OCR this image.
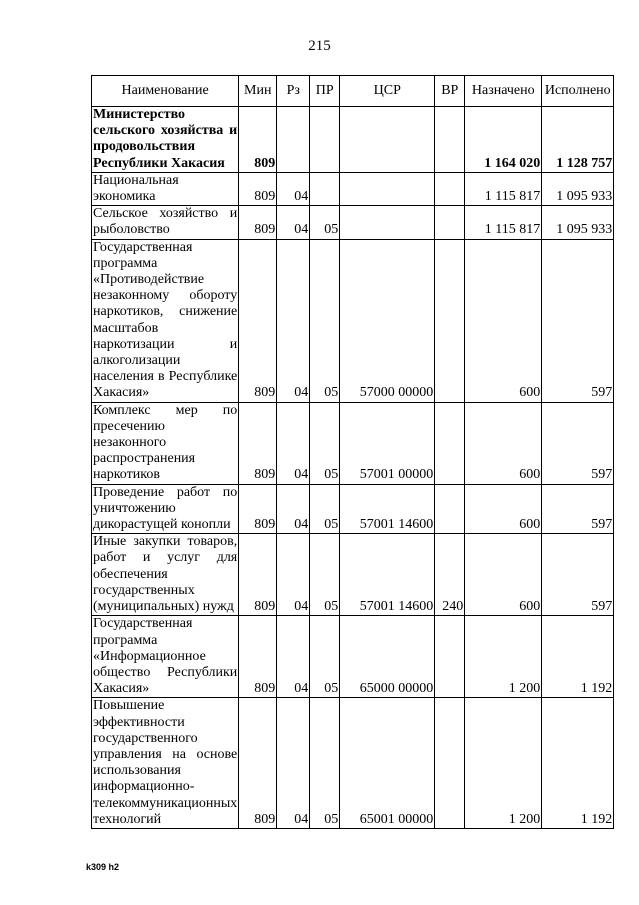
215
Наименование	Мин	Рз	ПР	ЦСР	ВР	Назначено	Исполнено
Министерство сельского хозяйства и продовольствия Республики Хакасия	809					1 164 020	1 128 757
Национальная экономика	809	04				1 115 817	1 095 933
Сельское хозяйство и рыболовство	809	04	05			1 115 817	1 095 933
Государственная программа «Противодействие незаконному обороту наркотиков, снижение масштабов наркотизации и алкоголизации населения в Республике Хакасия»	809	04	05	57000 00000		600	597
Комплекс мер по пресечению незаконного распространения наркотиков	809	04	05	57001 00000		600	597
Проведение работ по уничтожению дикорастущей конопли	809	04	05	57001 14600		600	597
Иные закупки товаров, работ и услуг для обеспечения государственных (муниципальных) нужд	809	04	05	57001 14600	240	600	597
Государственная программа «Информационное общество Республики Хакасия»	809	04	05	65000 00000		1 200	1 192
Повышение эффективности государственного управления на основе использования информационно-телекоммуникационных технологий	809	04	05	65001 00000		1 200	1 192
k309 h2
